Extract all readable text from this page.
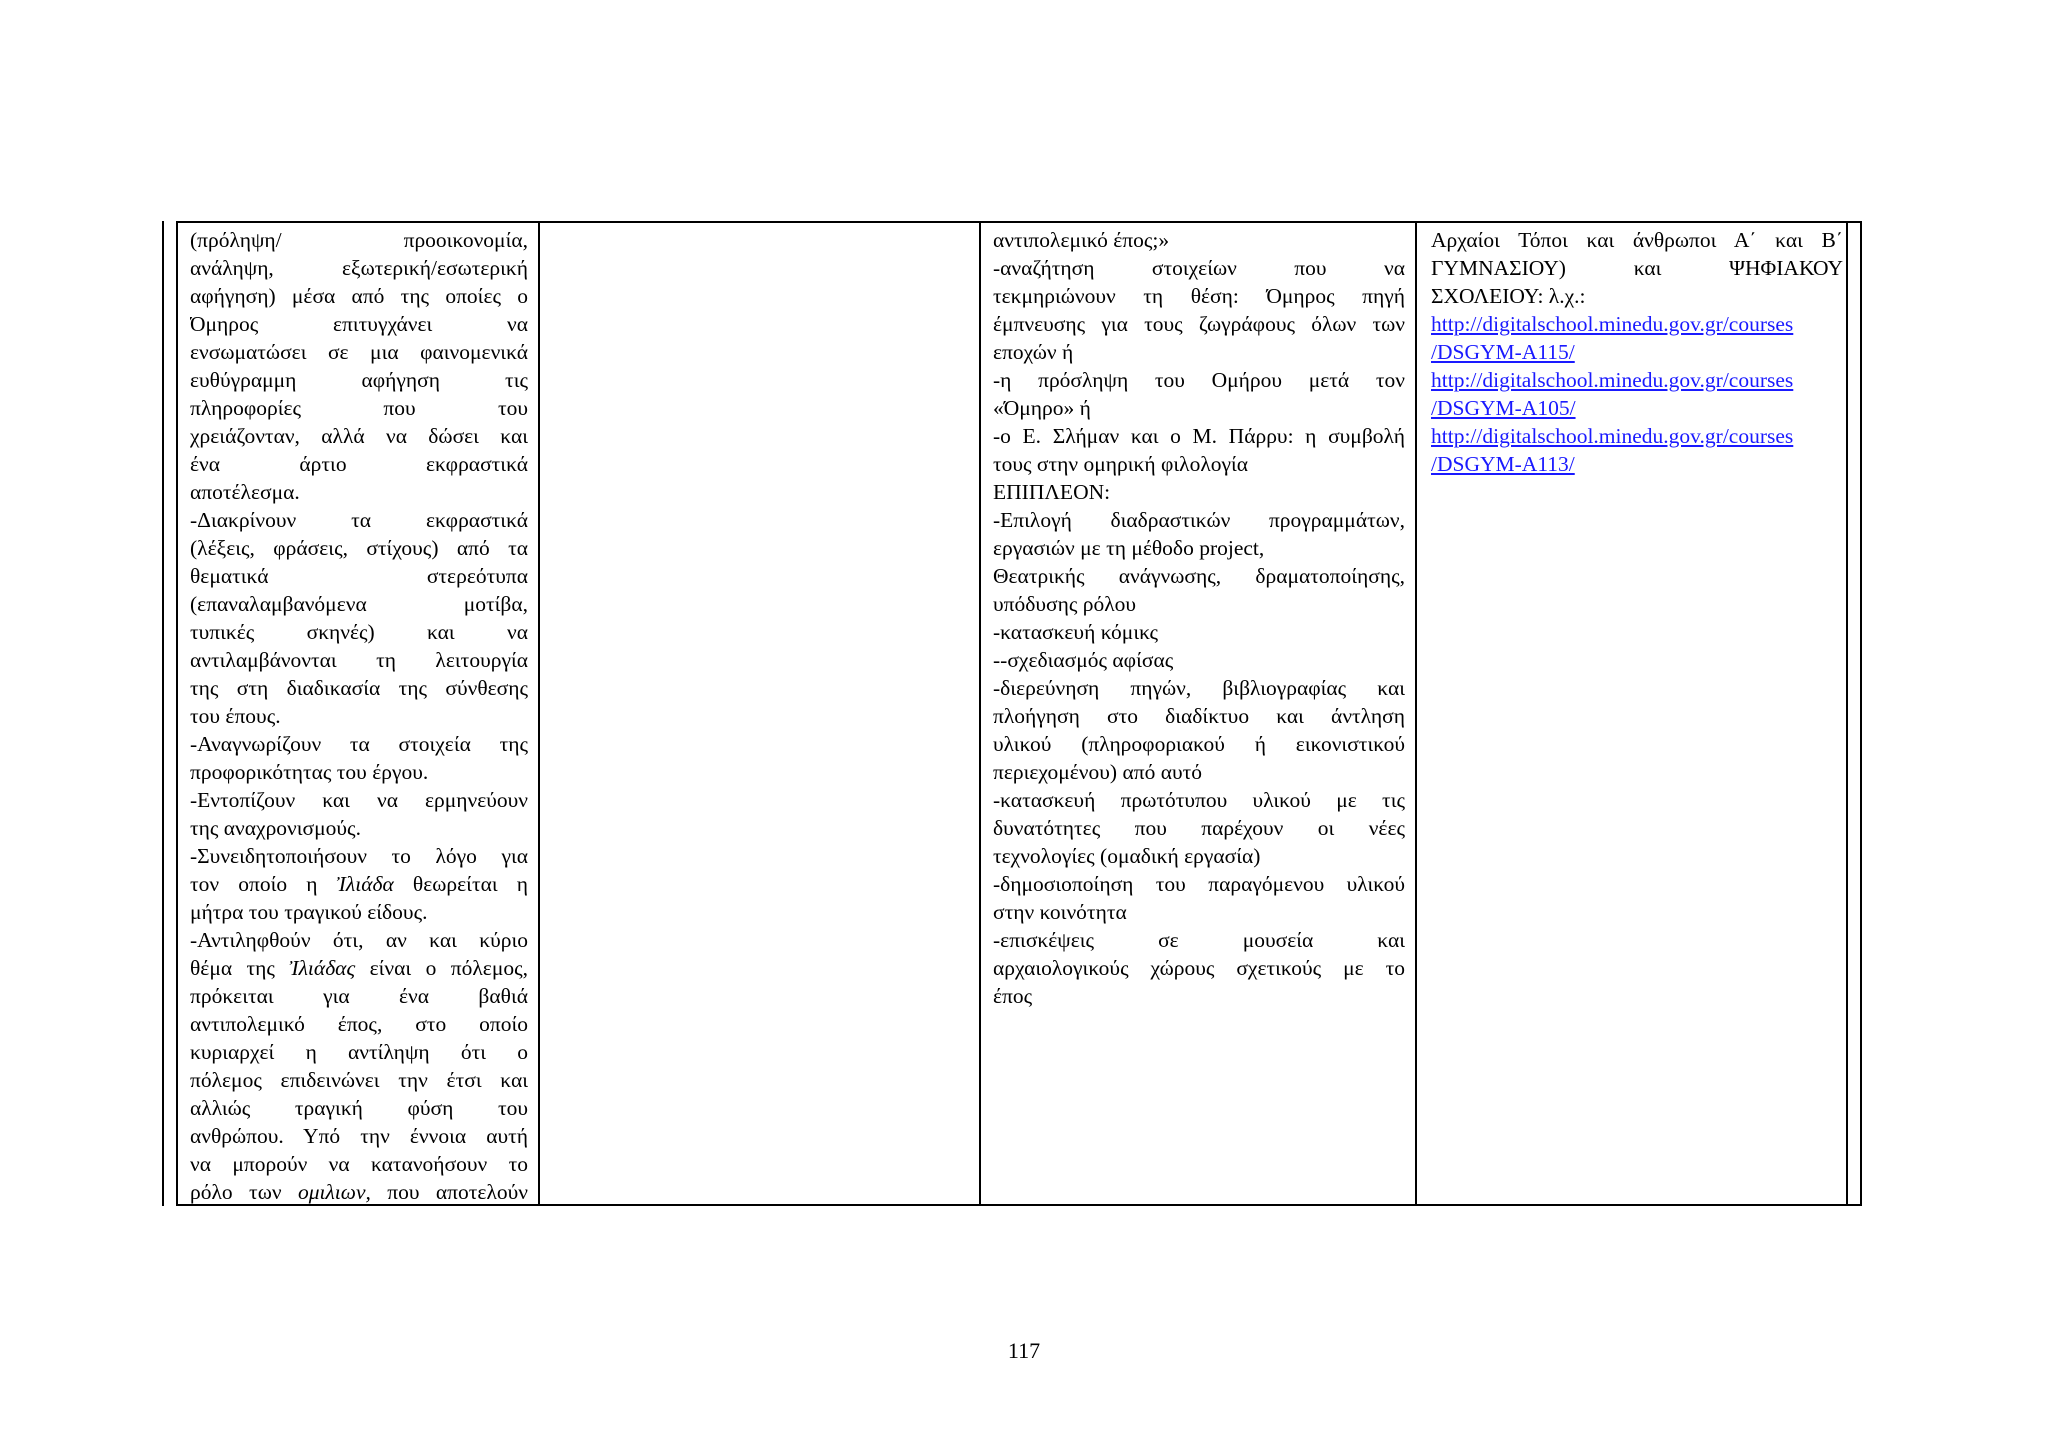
(πρόληψη/ προοικονομία,
ανάληψη, εξωτερική/εσωτερική
αφήγηση) μέσα από της οποίες ο
Όμηρος επιτυγχάνει να
ενσωματώσει σε μια φαινομενικά
ευθύγραμμη αφήγηση τις
πληροφορίες που του
χρειάζονταν, αλλά να δώσει και
ένα άρτιο εκφραστικά
αποτέλεσμα.
-Διακρίνουν τα εκφραστικά
(λέξεις, φράσεις, στίχους) από τα
θεματικά στερεότυπα
(επαναλαμβανόμενα μοτίβα,
τυπικές σκηνές) και να
αντιλαμβάνονται τη λειτουργία
της στη διαδικασία της σύνθεσης
του έπους.
-Αναγνωρίζουν τα στοιχεία της
προφορικότητας του έργου.
-Εντοπίζουν και να ερμηνεύουν
της αναχρονισμούς.
-Συνειδητοποιήσουν το λόγο για
τον οποίο η Ἰλιάδα θεωρείται η
μήτρα του τραγικού είδους.
-Αντιληφθούν ότι, αν και κύριο
θέμα της Ἰλιάδας είναι ο πόλεμος,
πρόκειται για ένα βαθιά
αντιπολεμικό έπος, στο οποίο
κυριαρχεί η αντίληψη ότι ο
πόλεμος επιδεινώνει την έτσι και
αλλιώς τραγική φύση του
ανθρώπου. Υπό την έννοια αυτή
να μπορούν να κατανοήσουν το
ρόλο των ομιλιων, που αποτελούν
αντιπολεμικό έπος;»
-αναζήτηση στοιχείων που να
τεκμηριώνουν τη θέση: Όμηρος πηγή
έμπνευσης για τους ζωγράφους όλων των
εποχών ή
-η πρόσληψη του Ομήρου μετά τον
«Όμηρο» ή
-ο Ε. Σλήμαν και ο Μ. Πάρρυ: η συμβολή
τους στην ομηρική φιλολογία
ΕΠΙΠΛΕΟΝ:
-Επιλογή διαδραστικών προγραμμάτων,
εργασιών με τη μέθοδο project,
Θεατρικής ανάγνωσης, δραματοποίησης,
υπόδυσης ρόλου
-κατασκευή κόμικς
--σχεδιασμός αφίσας
-διερεύνηση πηγών, βιβλιογραφίας και
πλοήγηση στο διαδίκτυο και άντληση
υλικού (πληροφοριακού ή εικονιστικού
περιεχομένου) από αυτό
-κατασκευή πρωτότυπου υλικού με τις
δυνατότητες που παρέχουν οι νέες
τεχνολογίες (ομαδική εργασία)
-δημοσιοποίηση του παραγόμενου υλικού
στην κοινότητα
-επισκέψεις σε μουσεία και
αρχαιολογικούς χώρους σχετικούς με το
έπος
Αρχαίοι Τόποι και άνθρωποι Α΄ και Β΄
ΓΥΜΝΑΣΙΟΥ) και ΨΗΦΙΑΚΟΥ
ΣΧΟΛΕΙΟΥ: λ.χ.:
http://digitalschool.minedu.gov.gr/courses
/DSGYM-A115/
http://digitalschool.minedu.gov.gr/courses
/DSGYM-A105/
http://digitalschool.minedu.gov.gr/courses
/DSGYM-A113/
117
